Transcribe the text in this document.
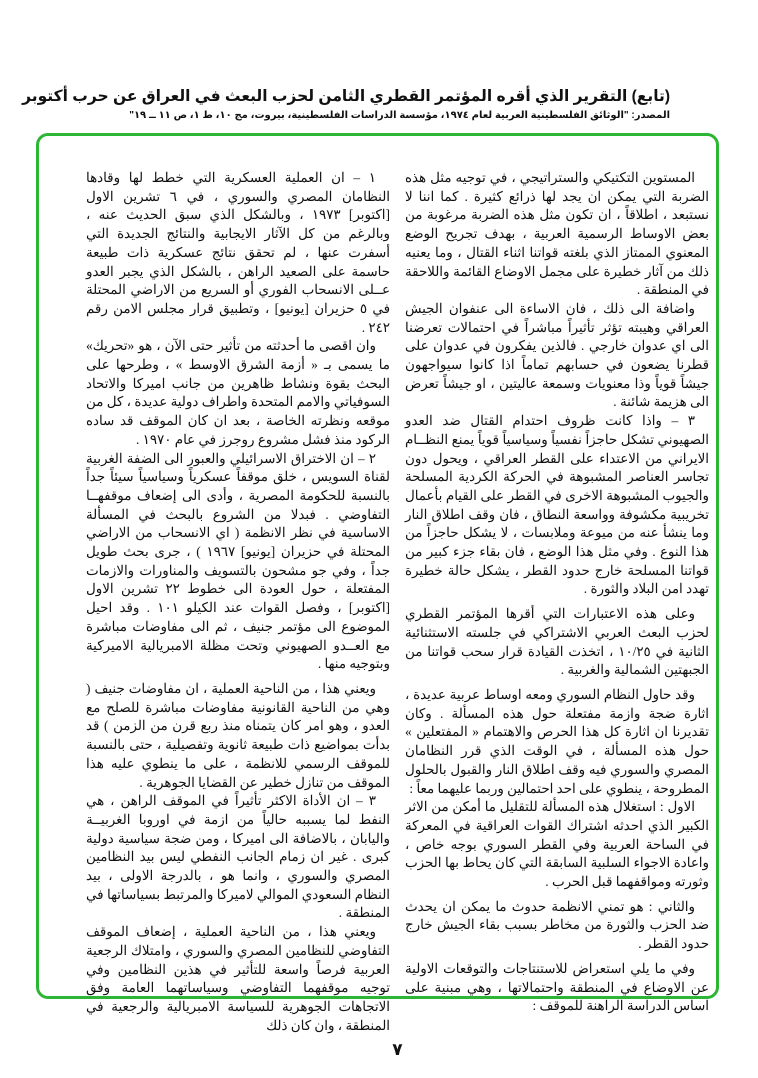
(تابع) التقرير الذي أقره المؤتمر القطري الثامن لحزب البعث في العراق عن حرب أكتوبر
المصدر: "الوثائق الفلسطينية العربية لعام ١٩٧٤، مؤسسة الدراسات الفلسطينية، بيروت، مج ١٠، ط ١، ص ١١ ــ ١٩"

المستوين التكتيكي والستراتيجي ، في توجيه مثل هذه الضربة التي يمكن ان يجد لها ذرائع كثيرة . كما اننا لا نستبعد ، اطلاقاً ، ان تكون مثل هذه الضربة مرغوبة من بعض الاوساط الرسمية العربية ، بهدف تجريح الوضع المعنوي الممتاز الذي بلغته قواتنا اثناء القتال ، وما يعنيه ذلك من آثار خطيرة على مجمل الاوضاع القائمة واللاحقة في المنطقة .

واضافة الى ذلك ، فان الاساءة الى عنفوان الجيش العراقي وهيبته تؤثر تأثيراً مباشراً في احتمالات تعرضنا الى اي عدوان خارجي . فالذين يفكرون في عدوان على قطرنا يضعون في حسابهم تماماً اذا كانوا سيواجهون جيشاً قوياً وذا معنويات وسمعة عاليتين ، او جيشاً تعرض الى هزيمة شائنة .

٣ – واذا كانت ظروف احتدام القتال ضد العدو الصهيوني تشكل حاجزاً نفسياً وسياسياً قوياً يمنع النظــام الايراني من الاعتداء على القطر العراقي ، ويحول دون تجاسر العناصر المشبوهة في الحركة الكردية المسلحة والجيوب المشبوهة الاخرى في القطر على القيام بأعمال تخريبية مكشوفة وواسعة النطاق ، فان وقف اطلاق النار وما ينشأ عنه من ميوعة وملابسات ، لا يشكل حاجزاً من هذا النوع . وفي مثل هذا الوضع ، فان بقاء جزء كبير من قواتنا المسلحة خارج حدود القطر ، يشكل حالة خطيرة تهدد امن البلاد والثورة .

وعلى هذه الاعتبارات التي أقرها المؤتمر القطري لحزب البعث العربي الاشتراكي في جلسته الاستثنائية الثانية في ١٠/٢٥ ، اتخذت القيادة قرار سحب قواتنا من الجبهتين الشمالية والغربية .

وقد حاول النظام السوري ومعه اوساط عربية عديدة ، اثارة ضجة وازمة مفتعلة حول هذه المسألة . وكان تقديرنا ان اثارة كل هذا الحرص والاهتمام « المفتعلين » حول هذه المسألة ، في الوقت الذي قرر النظامان المصري والسوري فيه وقف اطلاق النار والقبول بالحلول المطروحة ، ينطوي على احد احتمالين وربما عليهما معاً :

الاول : استغلال هذه المسألة للتقليل ما أمكن من الاثر الكبير الذي احدثه اشتراك القوات العراقية في المعركة في الساحة العربية وفي القطر السوري بوجه خاص ، واعادة الاجواء السلبية السابقة التي كان يحاط بها الحزب وثورته ومواقفهما قبل الحرب .

والثاني : هو تمني الانظمة حدوث ما يمكن ان يحدث ضد الحزب والثورة من مخاطر بسبب بقاء الجيش خارج حدود القطر .

وفي ما يلي استعراض للاستنتاجات والتوقعات الاولية عن الاوضاع في المنطقة واحتمالاتها ، وهي مبنية على اساس الدراسة الراهنة للموقف :

١ – ان العملية العسكرية التي خطط لها وقادها النظامان المصري والسوري ، في ٦ تشرين الاول [اكتوبر] ١٩٧٣ ، وبالشكل الذي سبق الحديث عنه ، وبالرغم من كل الآثار الايجابية والنتائج الجديدة التي أسفرت عنها ، لم تحقق نتائج عسكرية ذات طبيعة حاسمة على الصعيد الراهن ، بالشكل الذي يجبر العدو عــلى الانسحاب الفوري أو السريع من الاراضي المحتلة في ٥ حزيران [يونيو] ، وتطبيق قرار مجلس الامن رقم ٢٤٢ .

وان اقصى ما أحدثته من تأثير حتى الآن ، هو «تحريك» ما يسمى بـ « أزمة الشرق الاوسط » ، وطرحها على البحث بقوة ونشاط ظاهرين من جانب اميركا والاتحاد السوفياتي والامم المتحدة واطراف دولية عديدة ، كل من موقعه ونظرته الخاصة ، بعد ان كان الموقف قد ساده الركود منذ فشل مشروع روجرز في عام ١٩٧٠ .

٢ – ان الاختراق الاسرائيلي والعبور الى الضفة الغربية لقناة السويس ، خلق موقفاً عسكرياً وسياسياً سيئاً جداً بالنسبة للحكومة المصرية ، وأدى الى إضعاف موقفهــا التفاوضي . فبدلا من الشروع بالبحث في المسألة الاساسية في نظر الانظمة ( اي الانسحاب من الاراضي المحتلة في حزيران [يونيو] ١٩٦٧ ) ، جرى بحث طويل جداً ، وفي جو مشحون بالتسويف والمناورات والازمات المفتعلة ، حول العودة الى خطوط ٢٢ تشرين الاول [اكتوبر] ، وفصل القوات عند الكيلو ١٠١ . وقد احيل الموضوع الى مؤتمر جنيف ، ثم الى مفاوضات مباشرة مع العــدو الصهيوني وتحت مظلة الامبريالية الاميركية وبتوجيه منها .

ويعني هذا ، من الناحية العملية ، ان مفاوضات جنيف ( وهي من الناحية القانونية مفاوضات مباشرة للصلح مع العدو ، وهو امر كان يتمناه منذ ربع قرن من الزمن ) قد بدأت بمواضيع ذات طبيعة ثانوية وتفصيلية ، حتى بالنسبة للموقف الرسمي للانظمة ، على ما ينطوي عليه هذا الموقف من تنازل خطير عن القضايا الجوهرية .

٣ – ان الأداة الاكثر تأثيراً في الموقف الراهن ، هي النفط لما يسببه حالياً من ازمة في اوروبا الغربيــة واليابان ، بالاضافة الى اميركا ، ومن ضجة سياسية دولية كبرى . غير ان زمام الجانب النفطي ليس بيد النظامين المصري والسوري ، وانما هو ، بالدرجة الاولى ، بيد النظام السعودي الموالي لاميركا والمرتبط بسياساتها في المنطقة .

ويعني هذا ، من الناحية العملية ، إضعاف الموقف التفاوضي للنظامين المصري والسوري ، وامتلاك الرجعية العربية فرصاً واسعة للتأثير في هذين النظامين وفي توجيه موقفهما التفاوضي وسياساتهما العامة وفق الاتجاهات الجوهرية للسياسة الامبريالية والرجعية في المنطقة ، وان كان ذلك

٧
